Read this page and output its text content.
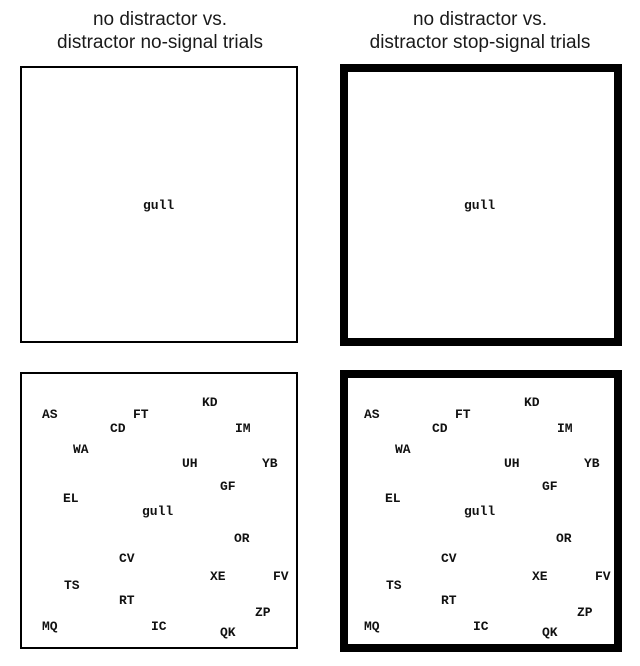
no distractor vs.
distractor no-signal trials
no distractor vs.
distractor stop-signal trials
gull	gull
KD
AS	FT
CD	IM
WA
UH	YB
GF
EL
OR
CV
XE	FV
TS
RT
ZP
MQ	IC	QK
gull
KD
AS	FT
CD	IM
WA
UH	YB
GF
EL
OR
CV
XE	FV
TS
RT
ZP
MQ	IC	QK
gull
